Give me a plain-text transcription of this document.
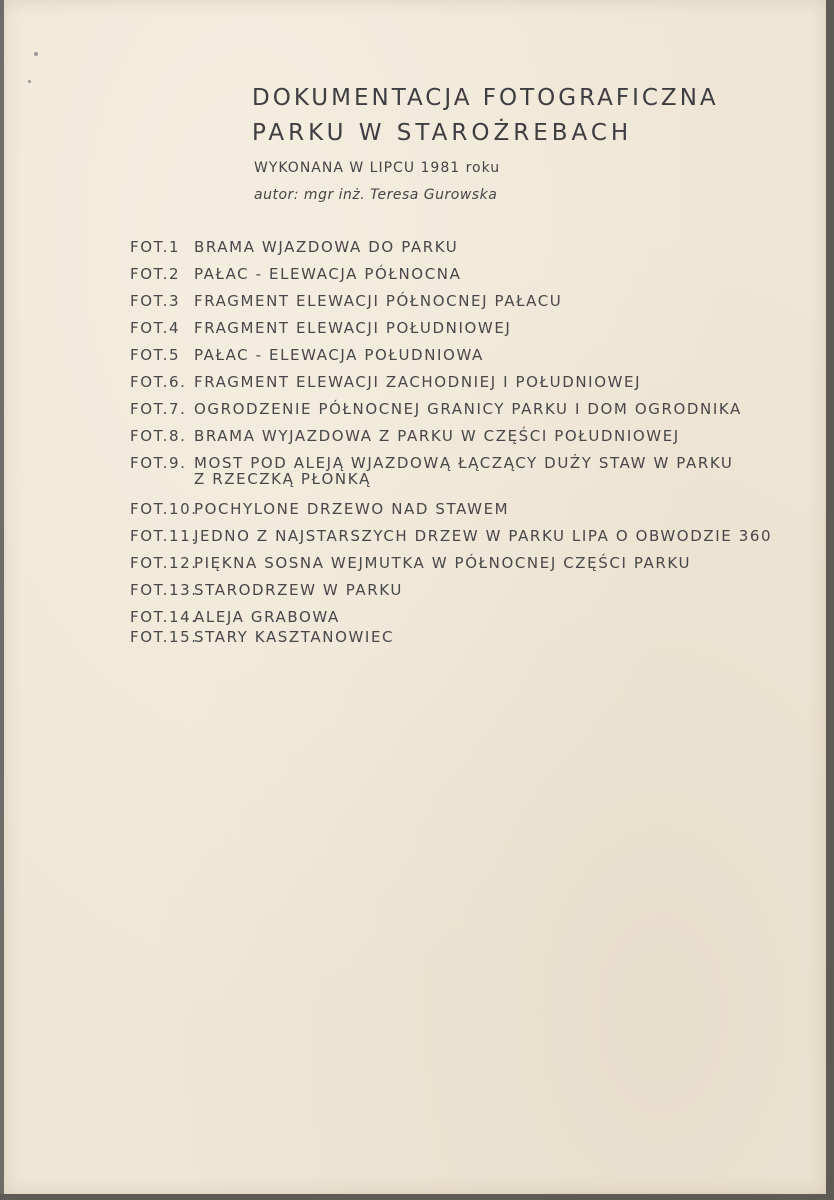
DOKUMENTACJA FOTOGRAFICZNA
PARKU W STAROŻREBACH
WYKONANA W LIPCU 1981 roku
autor: mgr inż. Teresa Gurowska
FOT.1 BRAMA WJAZDOWA DO PARKU
FOT.2 PAŁAC - ELEWACJA PÓŁNOCNA
FOT.3 FRAGMENT ELEWACJI PÓŁNOCNEJ PAŁACU
FOT.4 FRAGMENT ELEWACJI POŁUDNIOWEJ
FOT.5 PAŁAC - ELEWACJA POŁUDNIOWA
FOT.6. FRAGMENT ELEWACJI ZACHODNIEJ I POŁUDNIOWEJ
FOT.7. OGRODZENIE PÓŁNOCNEJ GRANICY PARKU I DOM OGRODNIKA
FOT.8. BRAMA WYJAZDOWA Z PARKU W CZĘŚCI POŁUDNIOWEJ
FOT.9. MOST POD ALEJĄ WJAZDOWĄ ŁĄCZĄCY DUŻY STAW W PARKU
Z RZECZKĄ PŁONKĄ
FOT.10.POCHYLONE DRZEWO NAD STAWEM
FOT.11.JEDNO Z NAJSTARSZYCH DRZEW W PARKU LIPA O OBWODZIE 360
FOT.12.PIĘKNA SOSNA WEJMUTKA W PÓŁNOCNEJ CZĘŚCI PARKU
FOT.13.STARODRZEW W PARKU
FOT.14.ALEJA GRABOWA
FOT.15.STARY KASZTANOWIEC
